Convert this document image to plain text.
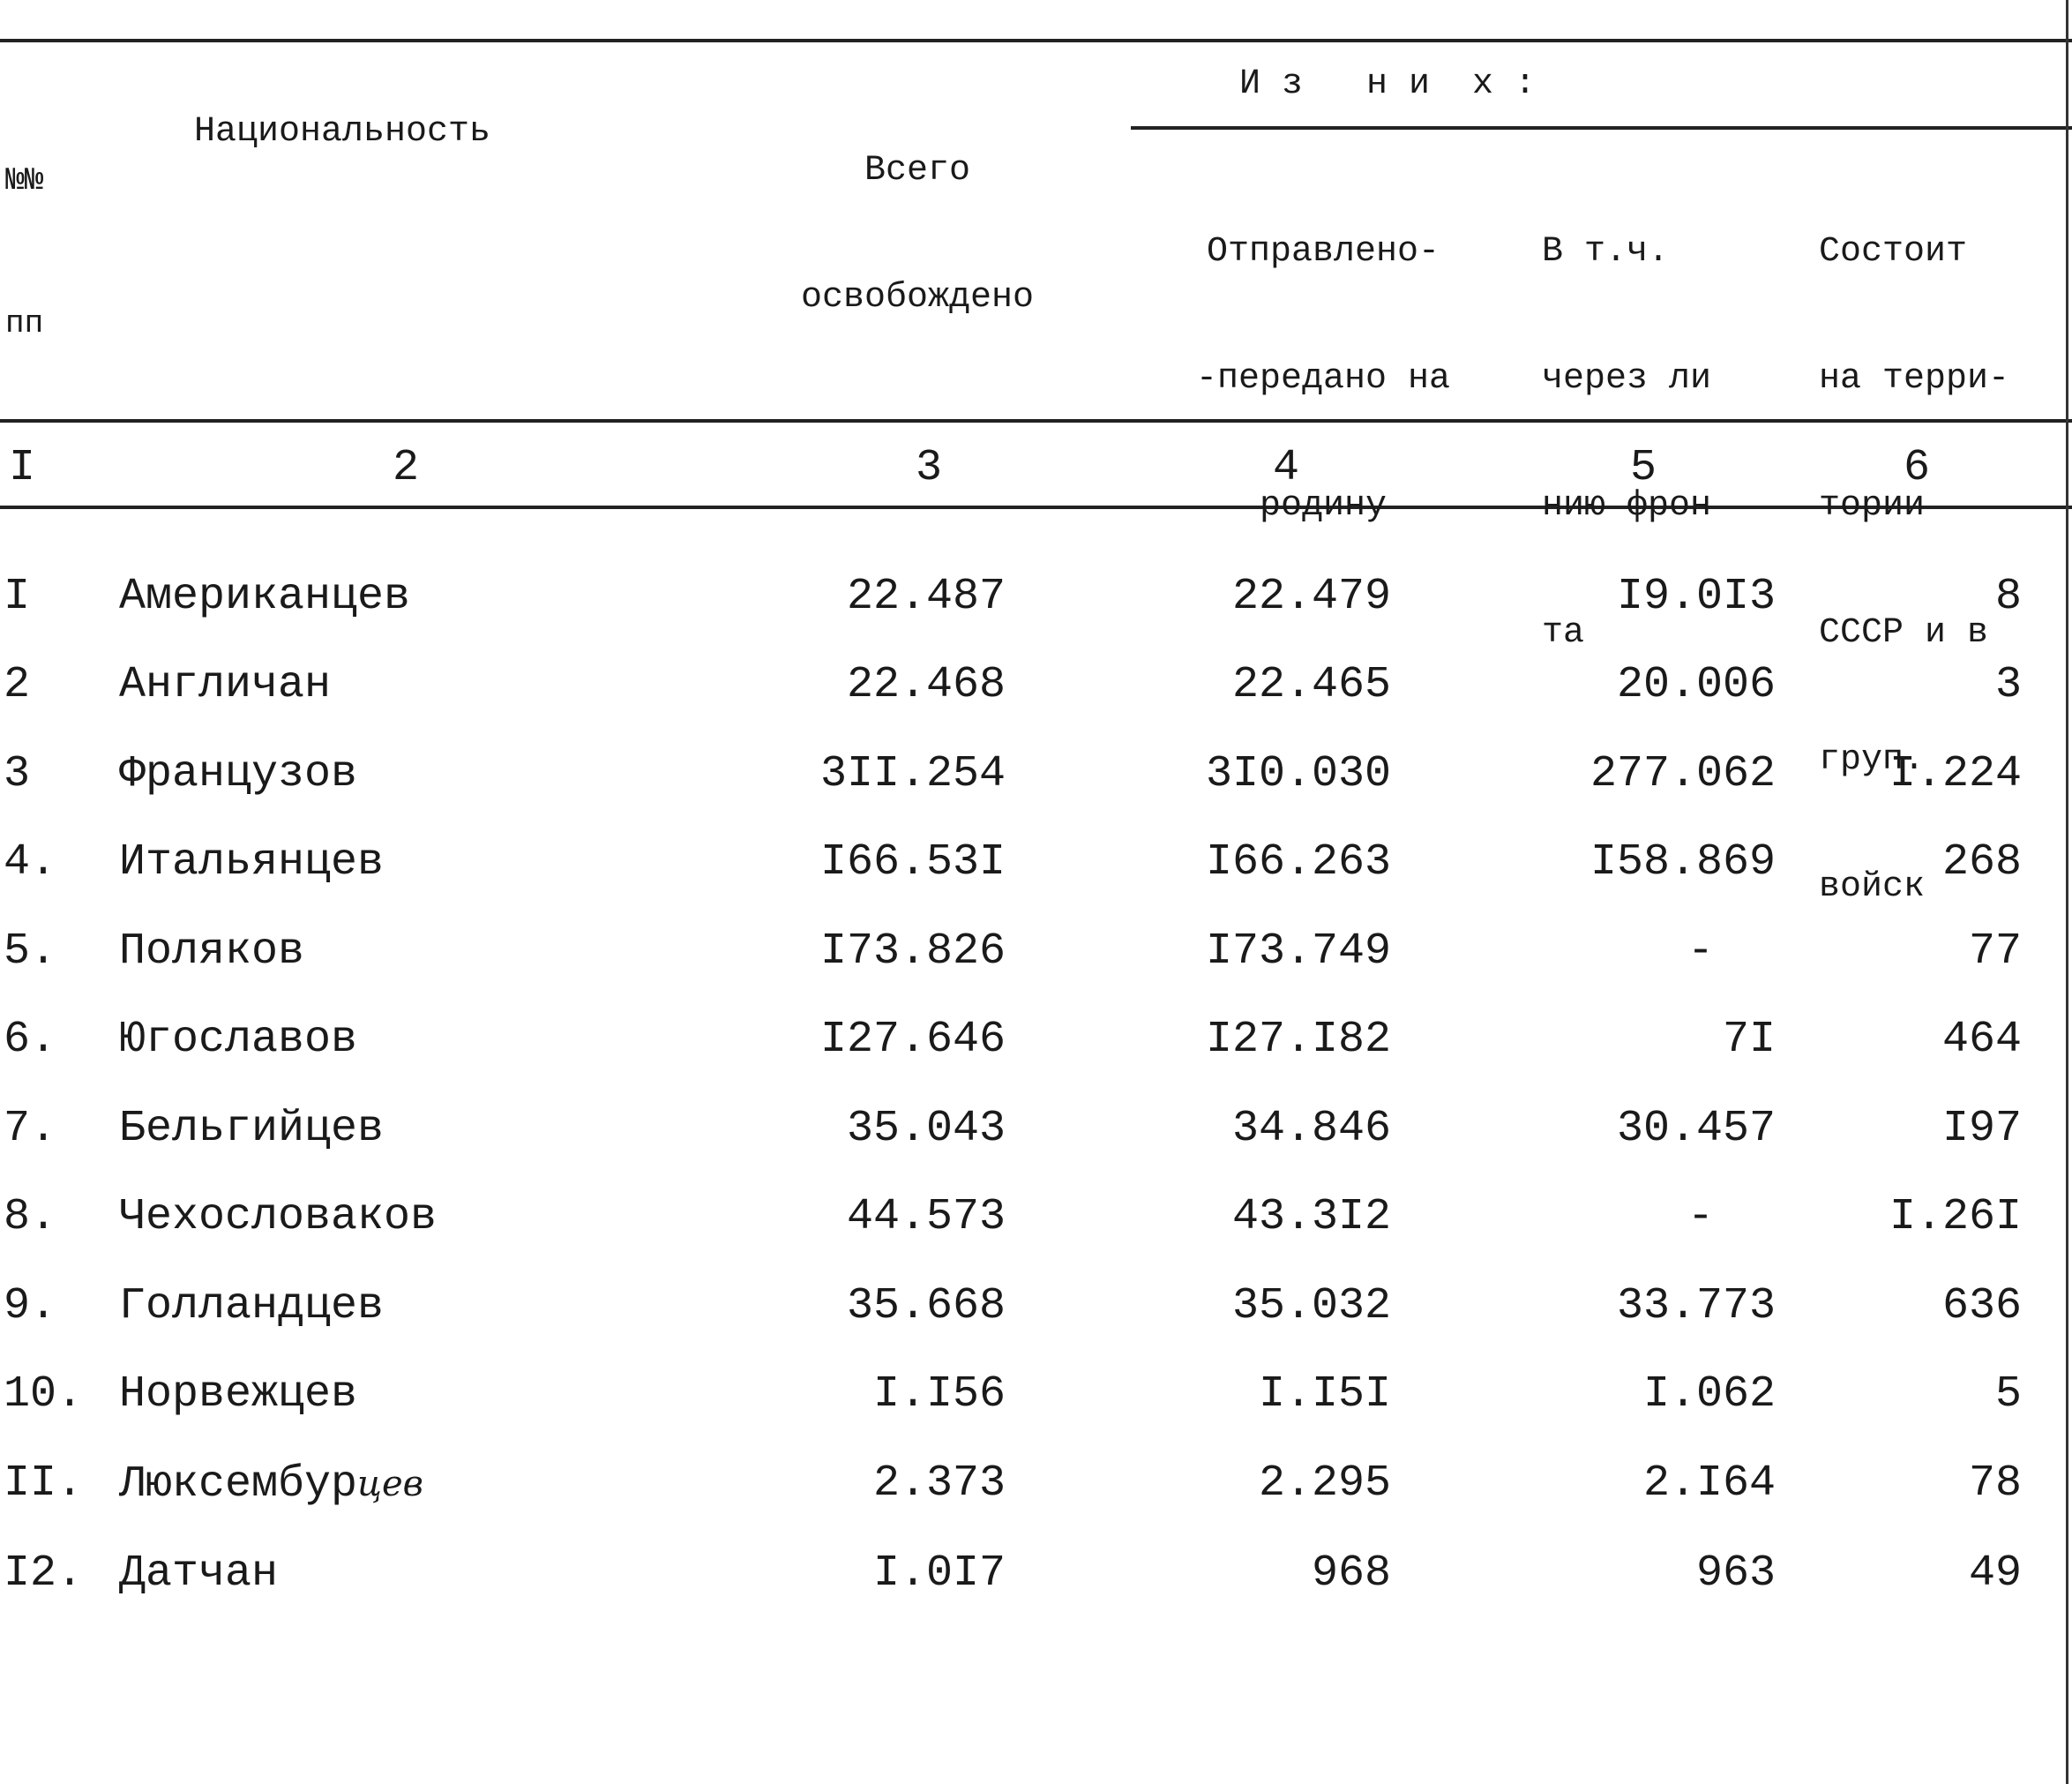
№№

пп

Национальность

Всего

освобождено

И з   н и  х :

Отправлено-

-передано на

родину

В т.ч.

через ли

нию фрон

та

Состоит

на терри-

тории

СССР и в

груп.

войск

I	2	3	4	5	6
I	Американцев	22.487	22.479	I9.0I3	8
2	Англичан	22.468	22.465	20.006	3
3	Французов	3II.254	3I0.030	277.062	I.224
4.	Итальянцев	I66.53I	I66.263	I58.869	268
5.	Поляков	I73.826	I73.749	-	77
6.	Югославов	I27.646	I27.I82	7I	464
7.	Бельгийцев	35.043	34.846	30.457	I97
8.	Чехословаков	44.573	43.3I2	-	I.26I
9.	Голландцев	35.668	35.032	33.773	636
10. Норвежцев	I.I56	I.I5I	I.062	5
II. Люксембурцев	2.373	2.295	2.I64	78
I2. Датчан	I.0I7	968	963	49
